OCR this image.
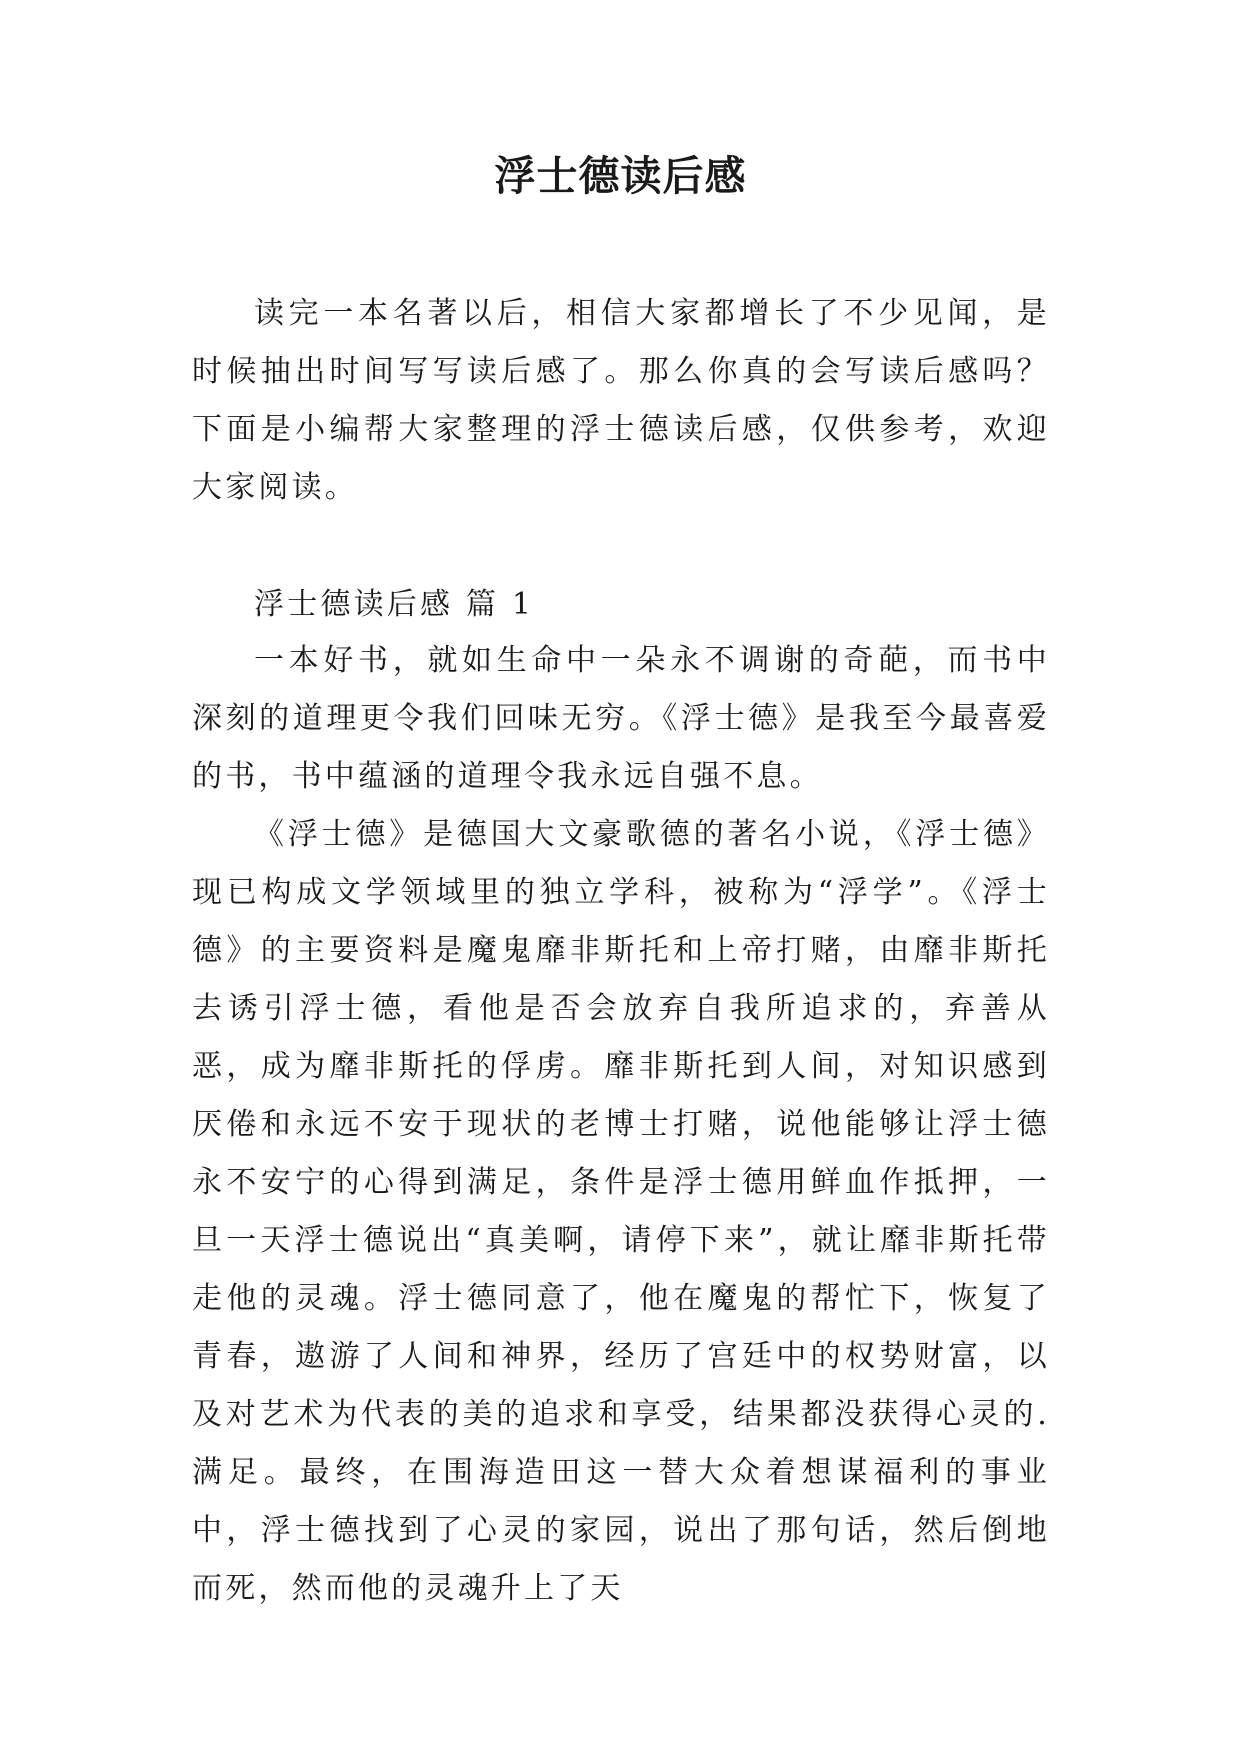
浮士德读后感

读完一本名著以后，相信大家都增长了不少见闻，是时候抽出时间写写读后感了。那么你真的会写读后感吗？下面是小编帮大家整理的浮士德读后感，仅供参考，欢迎大家阅读。

浮士德读后感 篇 1

一本好书，就如生命中一朵永不调谢的奇葩，而书中深刻的道理更令我们回味无穷。《浮士德》是我至今最喜爱的书，书中蕴涵的道理令我永远自强不息。

《浮士德》是德国大文豪歌德的著名小说，《浮士德》现已构成文学领域里的独立学科，被称为“浮学”。《浮士德》的主要资料是魔鬼靡非斯托和上帝打赌，由靡非斯托去诱引浮士德，看他是否会放弃自我所追求的，弃善从恶，成为靡非斯托的俘虏。靡非斯托到人间，对知识感到厌倦和永远不安于现状的老博士打赌，说他能够让浮士德永不安宁的心得到满足，条件是浮士德用鲜血作抵押，一旦一天浮士德说出“真美啊，请停下来”，就让靡非斯托带走他的灵魂。浮士德同意了，他在魔鬼的帮忙下，恢复了青春，遨游了人间和神界，经历了宫廷中的权势财富，以及对艺术为代表的美的追求和享受，结果都没获得心灵的.满足。最终，在围海造田这一替大众着想谋福利的事业中，浮士德找到了心灵的家园，说出了那句话，然后倒地而死，然而他的灵魂升上了天
